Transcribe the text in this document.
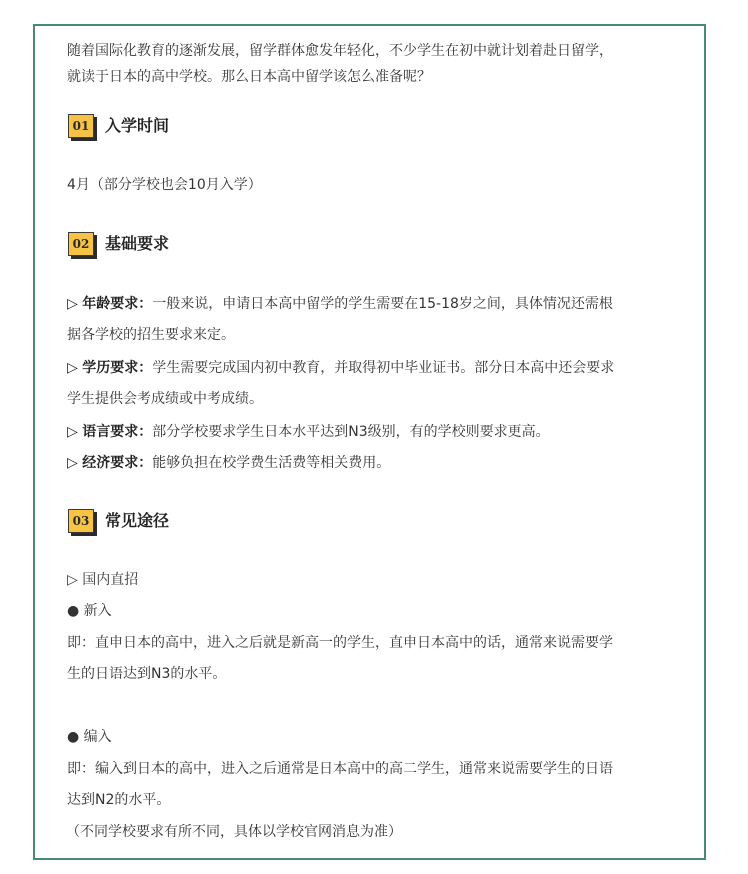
随着国际化教育的逐渐发展，留学群体愈发年轻化，不少学生在初中就计划着赴日留学，
就读于日本的高中学校。那么日本高中留学该怎么准备呢？
01 入学时间
4月（部分学校也会10月入学）
02 基础要求
▷ 年龄要求：一般来说，申请日本高中留学的学生需要在15-18岁之间，具体情况还需根
据各学校的招生要求来定。
▷ 学历要求：学生需要完成国内初中教育，并取得初中毕业证书。部分日本高中还会要求
学生提供会考成绩或中考成绩。
▷ 语言要求：部分学校要求学生日本水平达到N3级别，有的学校则要求更高。
▷ 经济要求：能够负担在校学费生活费等相关费用。
03 常见途径
▷ 国内直招
● 新入
即：直申日本的高中，进入之后就是新高一的学生，直申日本高中的话，通常来说需要学
生的日语达到N3的水平。
● 编入
即：编入到日本的高中，进入之后通常是日本高中的高二学生，通常来说需要学生的日语
达到N2的水平。
（不同学校要求有所不同，具体以学校官网消息为准）
